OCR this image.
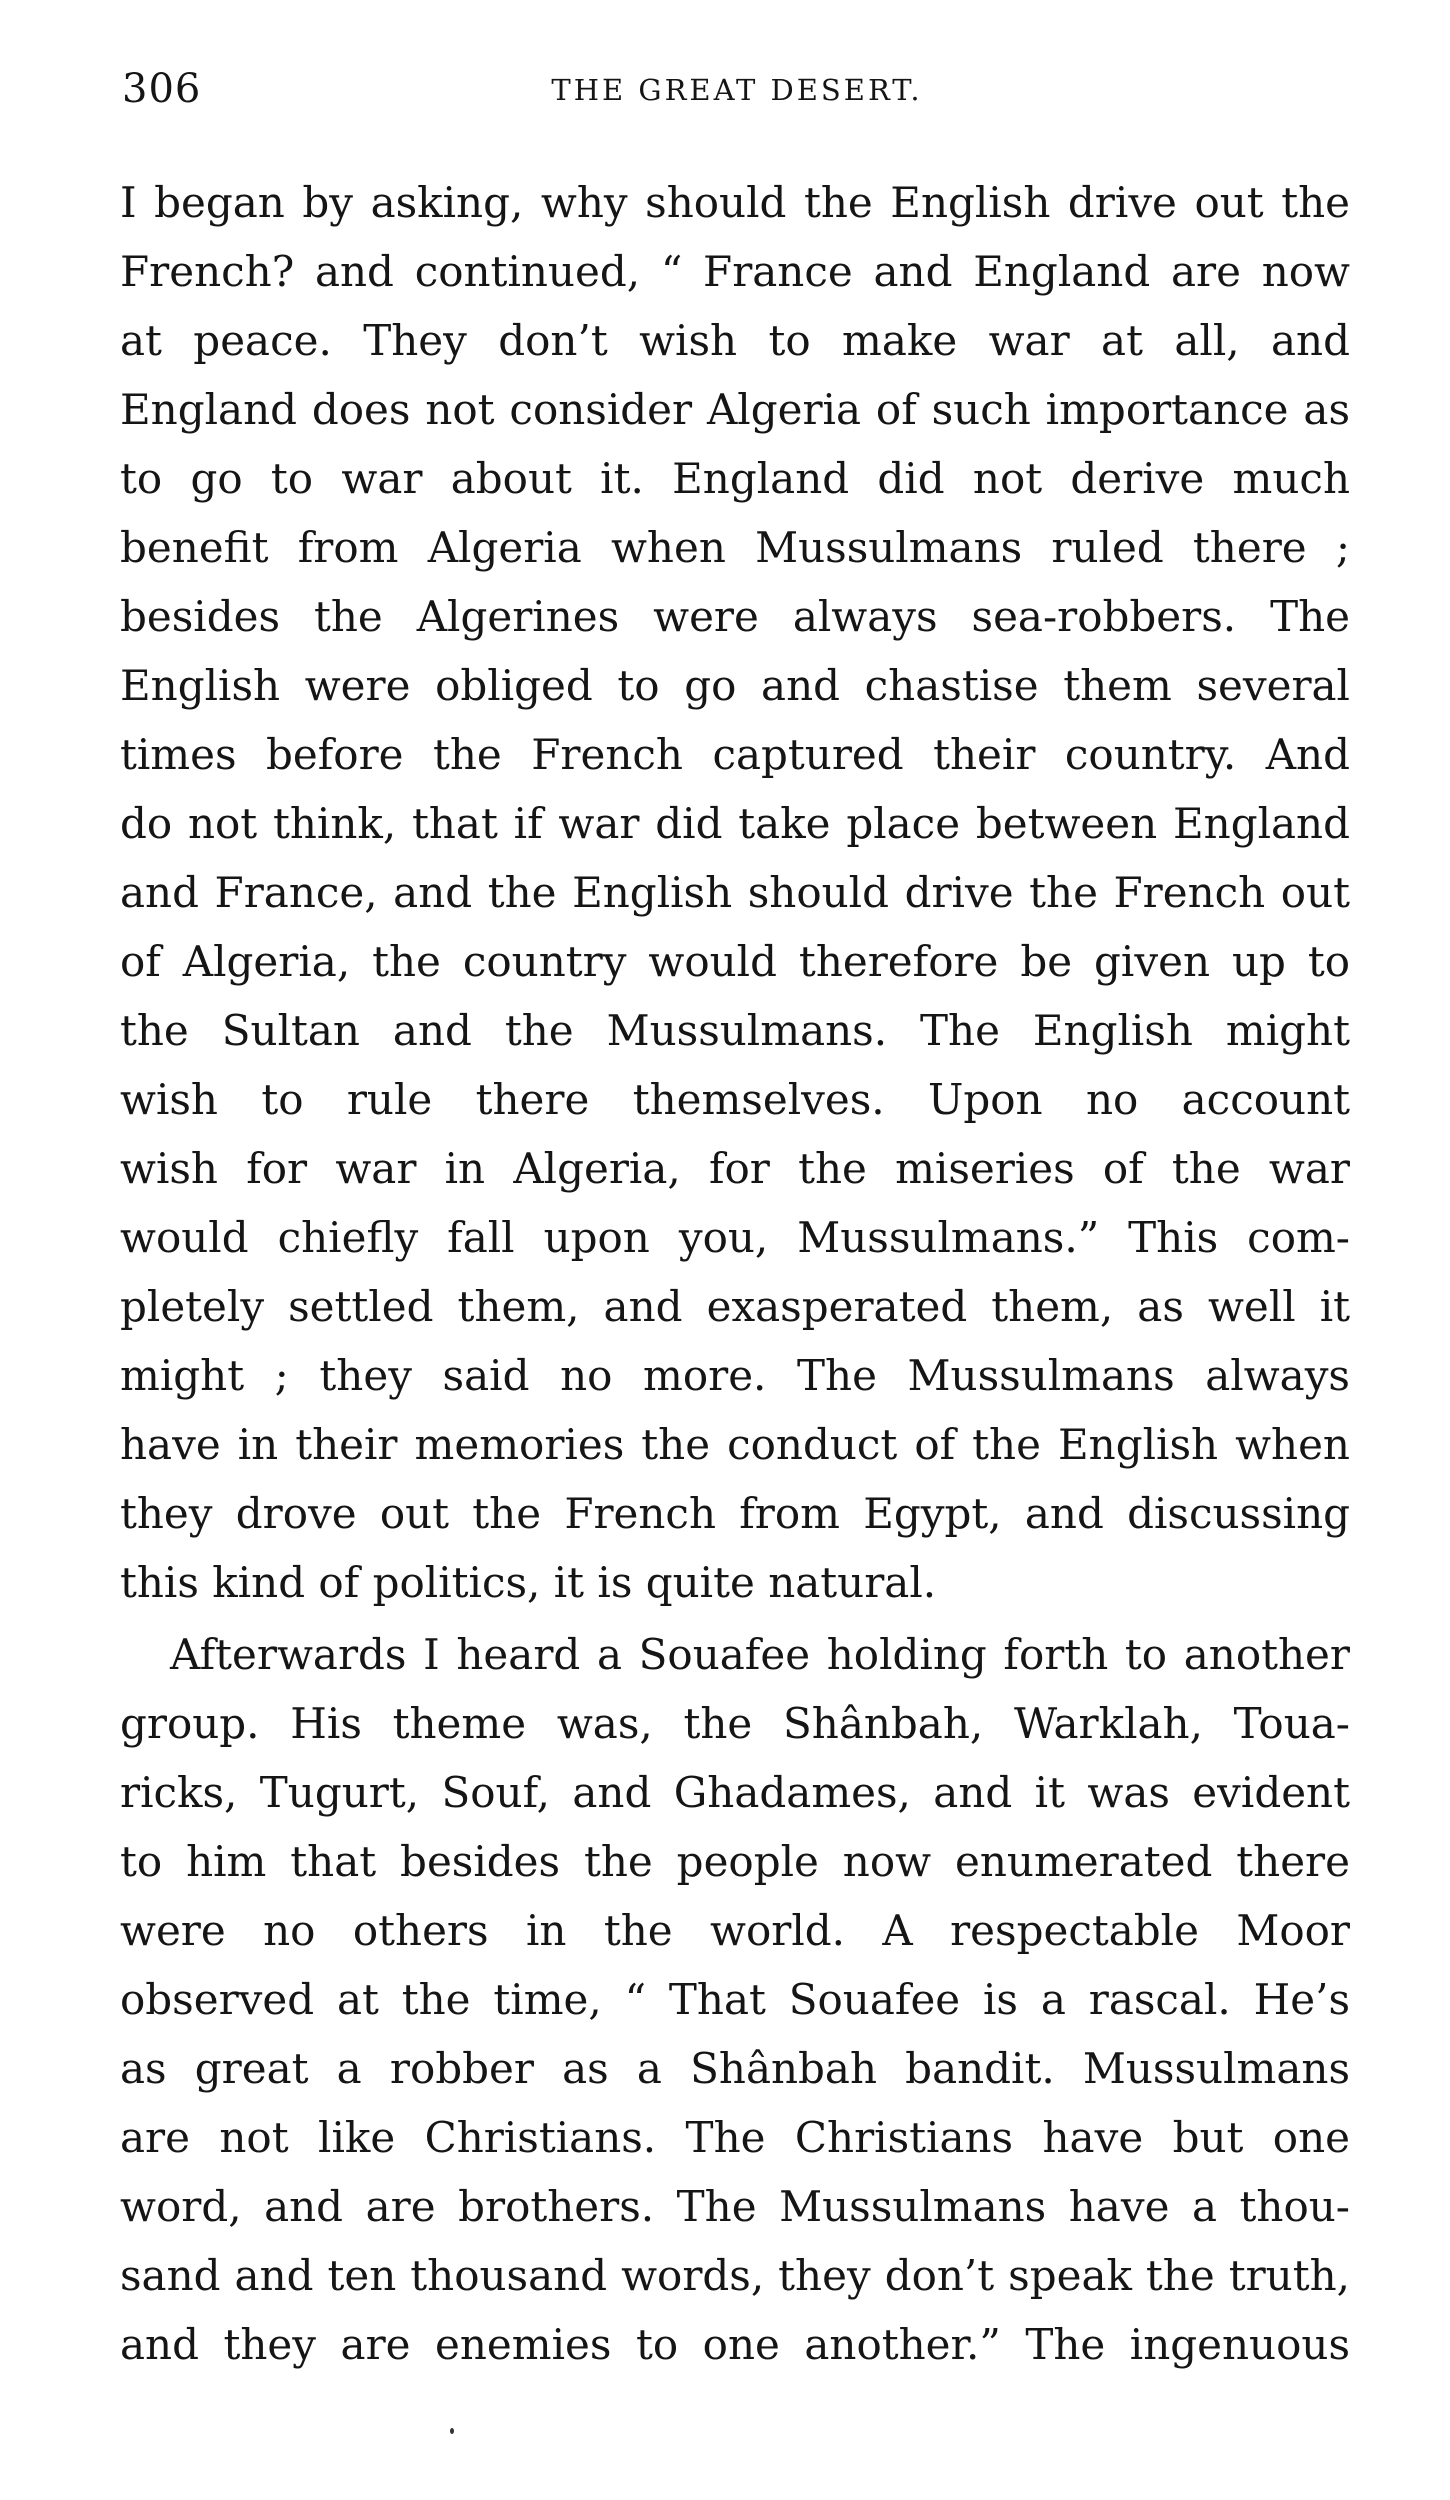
306	THE GREAT DESERT.
I began by asking, why should the English drive out the
French? and continued, “ France and England are now
at peace. They don’t wish to make war at all, and
England does not consider Algeria of such importance as
to go to war about it. England did not derive much
benefit from Algeria when Mussulmans ruled there ;
besides the Algerines were always sea-robbers. The
English were obliged to go and chastise them several
times before the French captured their country. And
do not think, that if war did take place between England
and France, and the English should drive the French out
of Algeria, the country would therefore be given up to
the Sultan and the Mussulmans. The English might
wish to rule there themselves. Upon no account
wish for war in Algeria, for the miseries of the war
would chiefly fall upon you, Mussulmans.” This com-
pletely settled them, and exasperated them, as well it
might ; they said no more. The Mussulmans always
have in their memories the conduct of the English when
they drove out the French from Egypt, and discussing
this kind of politics, it is quite natural.
Afterwards I heard a Souafee holding forth to another
group. His theme was, the Shânbah, Warklah, Toua-
ricks, Tugurt, Souf, and Ghadames, and it was evident
to him that besides the people now enumerated there
were no others in the world. A respectable Moor
observed at the time, “ That Souafee is a rascal. He’s
as great a robber as a Shânbah bandit. Mussulmans
are not like Christians. The Christians have but one
word, and are brothers. The Mussulmans have a thou-
sand and ten thousand words, they don’t speak the truth,
and they are enemies to one another.” The ingenuous
